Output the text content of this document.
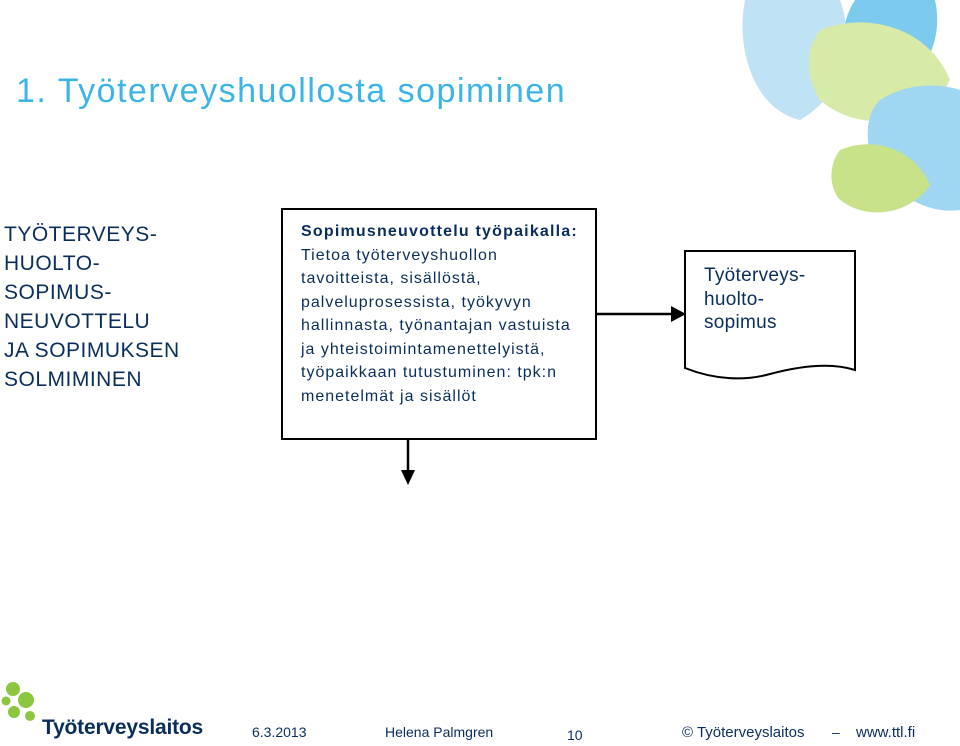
1. Työterveyshuollosta sopiminen
TYÖTERVEYS-
HUOLTO-
SOPIMUS-
NEUVOTTELU
JA SOPIMUKSEN
SOLMIMINEN
Sopimusneuvottelu työpaikalla: Tietoa työterveyshuollon tavoitteista, sisällöstä, palveluprosessista, työkyvyn hallinnasta, työnantajan vastuista ja yhteistoimintamenettelyistä, työpaikkaan tutustuminen: tpk:n menetelmät ja sisällöt
Työterveys-
huolto-
sopimus
Työterveyslaitos	6.3.2013	Helena Palmgren	10	© Työterveyslaitos – www.ttl.fi
